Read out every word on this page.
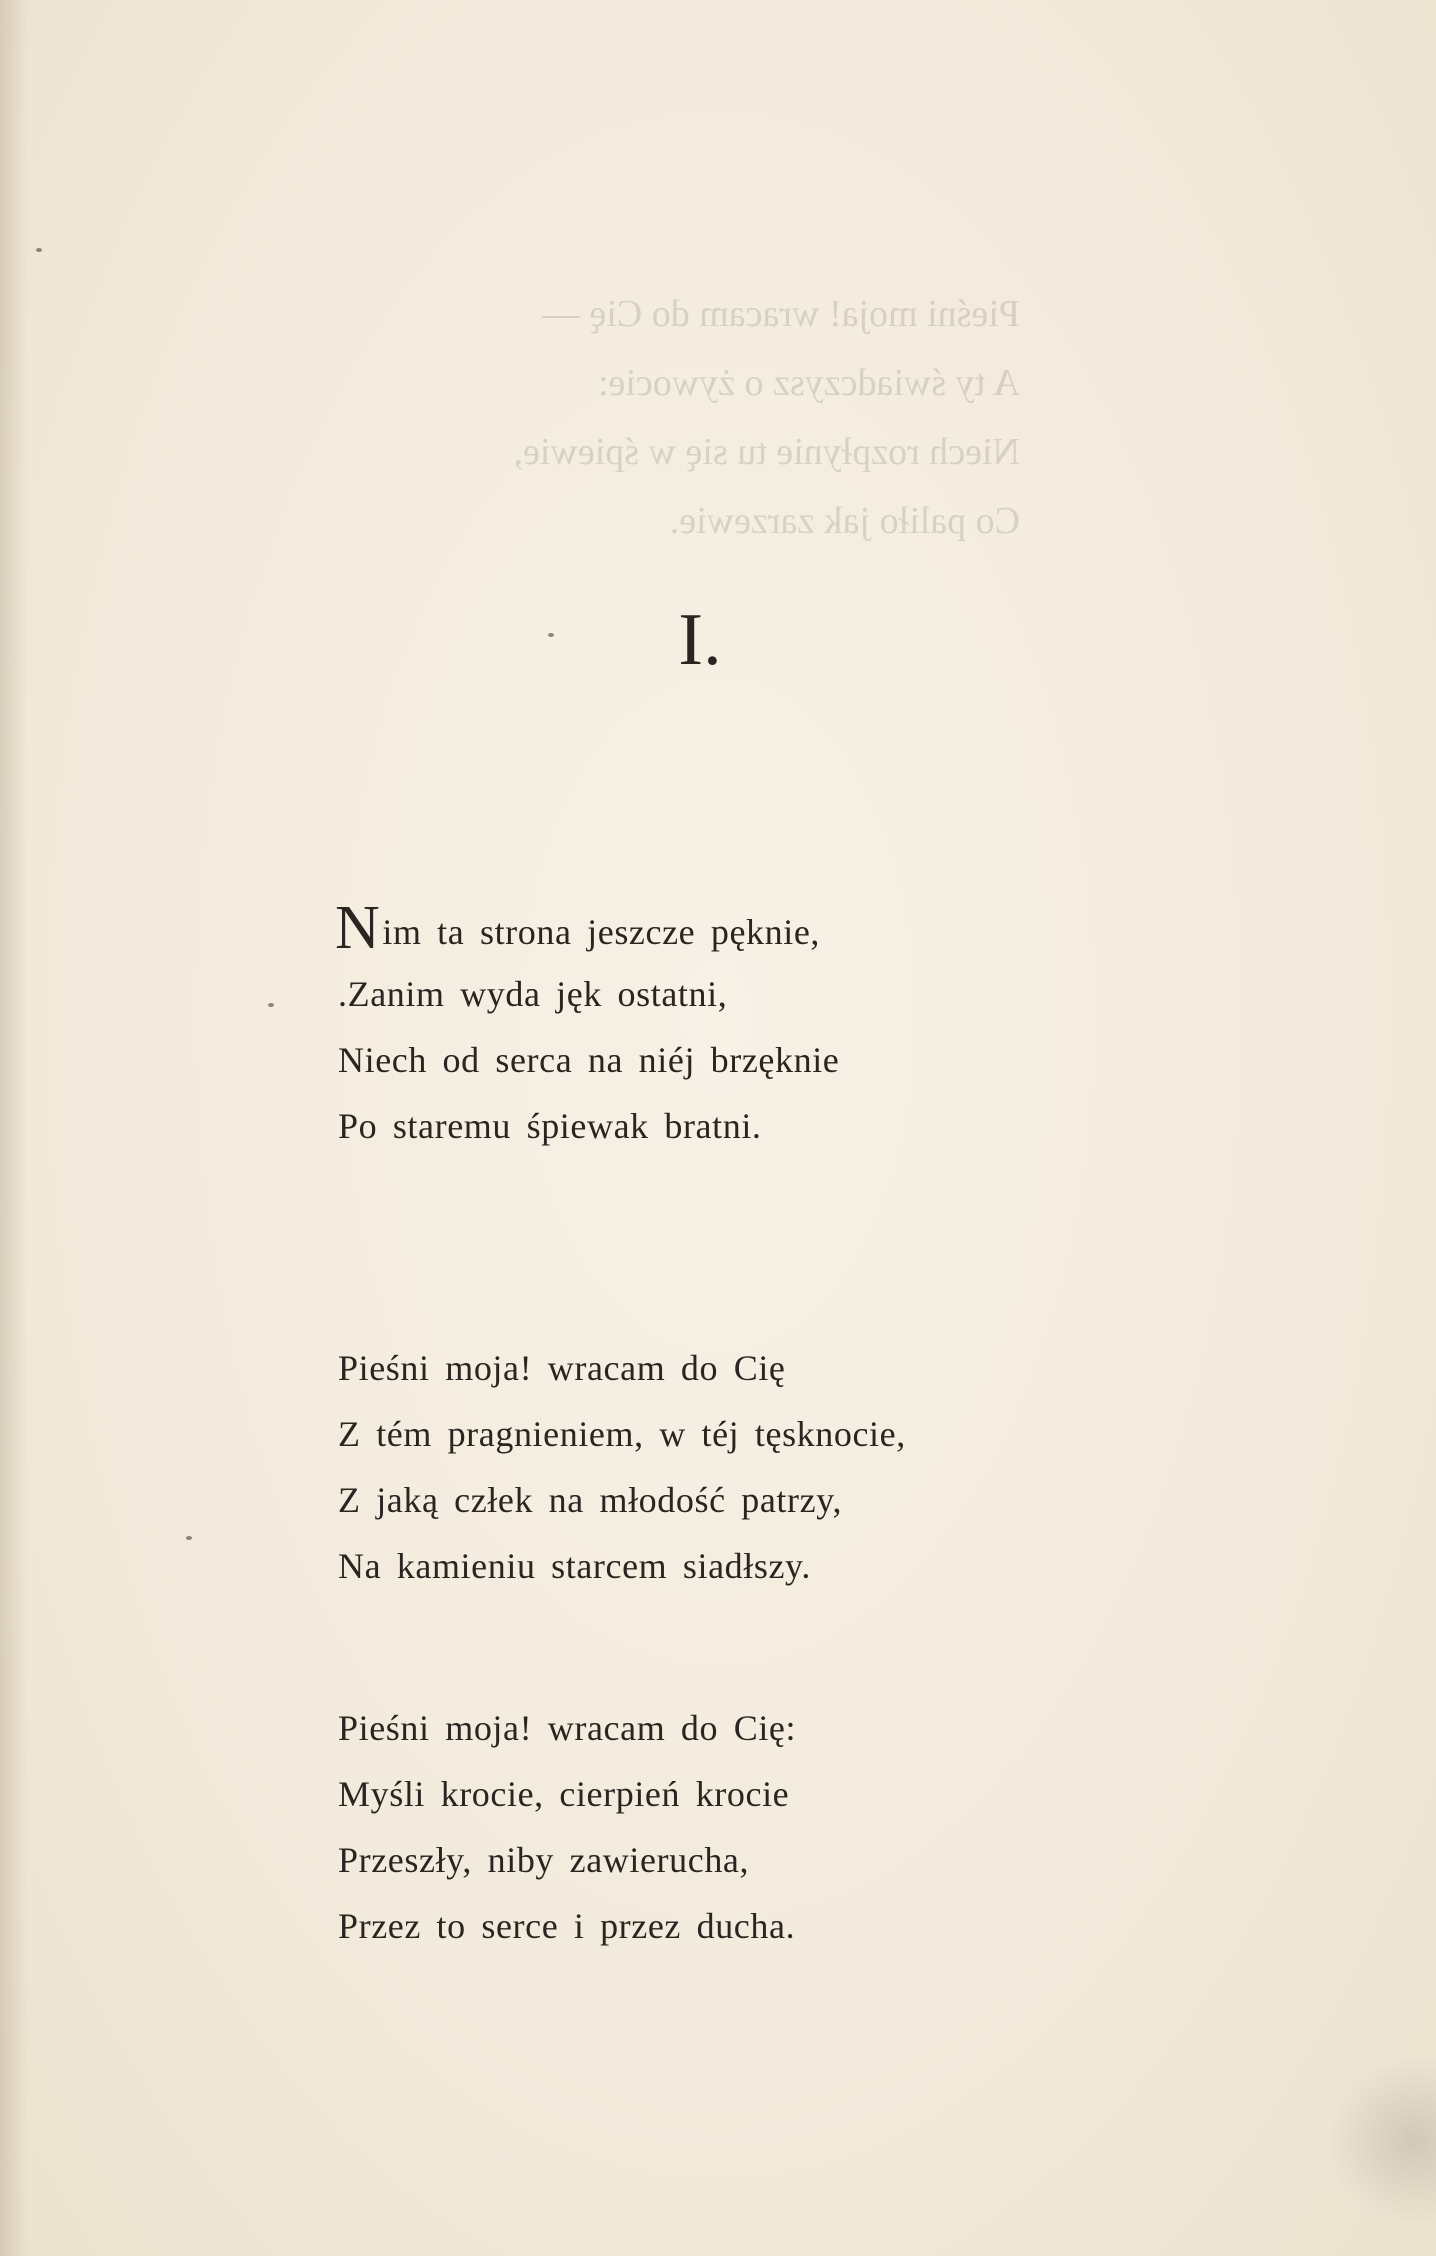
Pieśni moja! wracam do Cię —
A ty świadczysz o żywocie:
Niech rozpłynie tu się w śpiewie,
Co paliło jak zarzewie.
I.
Nim ta strona jeszcze pęknie,
.Zanim wyda jęk ostatni,
Niech od serca na niéj brzęknie
Po staremu śpiewak bratni.
Pieśni moja! wracam do Cię
Z tém pragnieniem, w téj tęsknocie,
Z jaką człek na młodość patrzy,
Na kamieniu starcem siadłszy.
Pieśni moja! wracam do Cię:
Myśli krocie, cierpień krocie
Przeszły, niby zawierucha,
Przez to serce i przez ducha.
